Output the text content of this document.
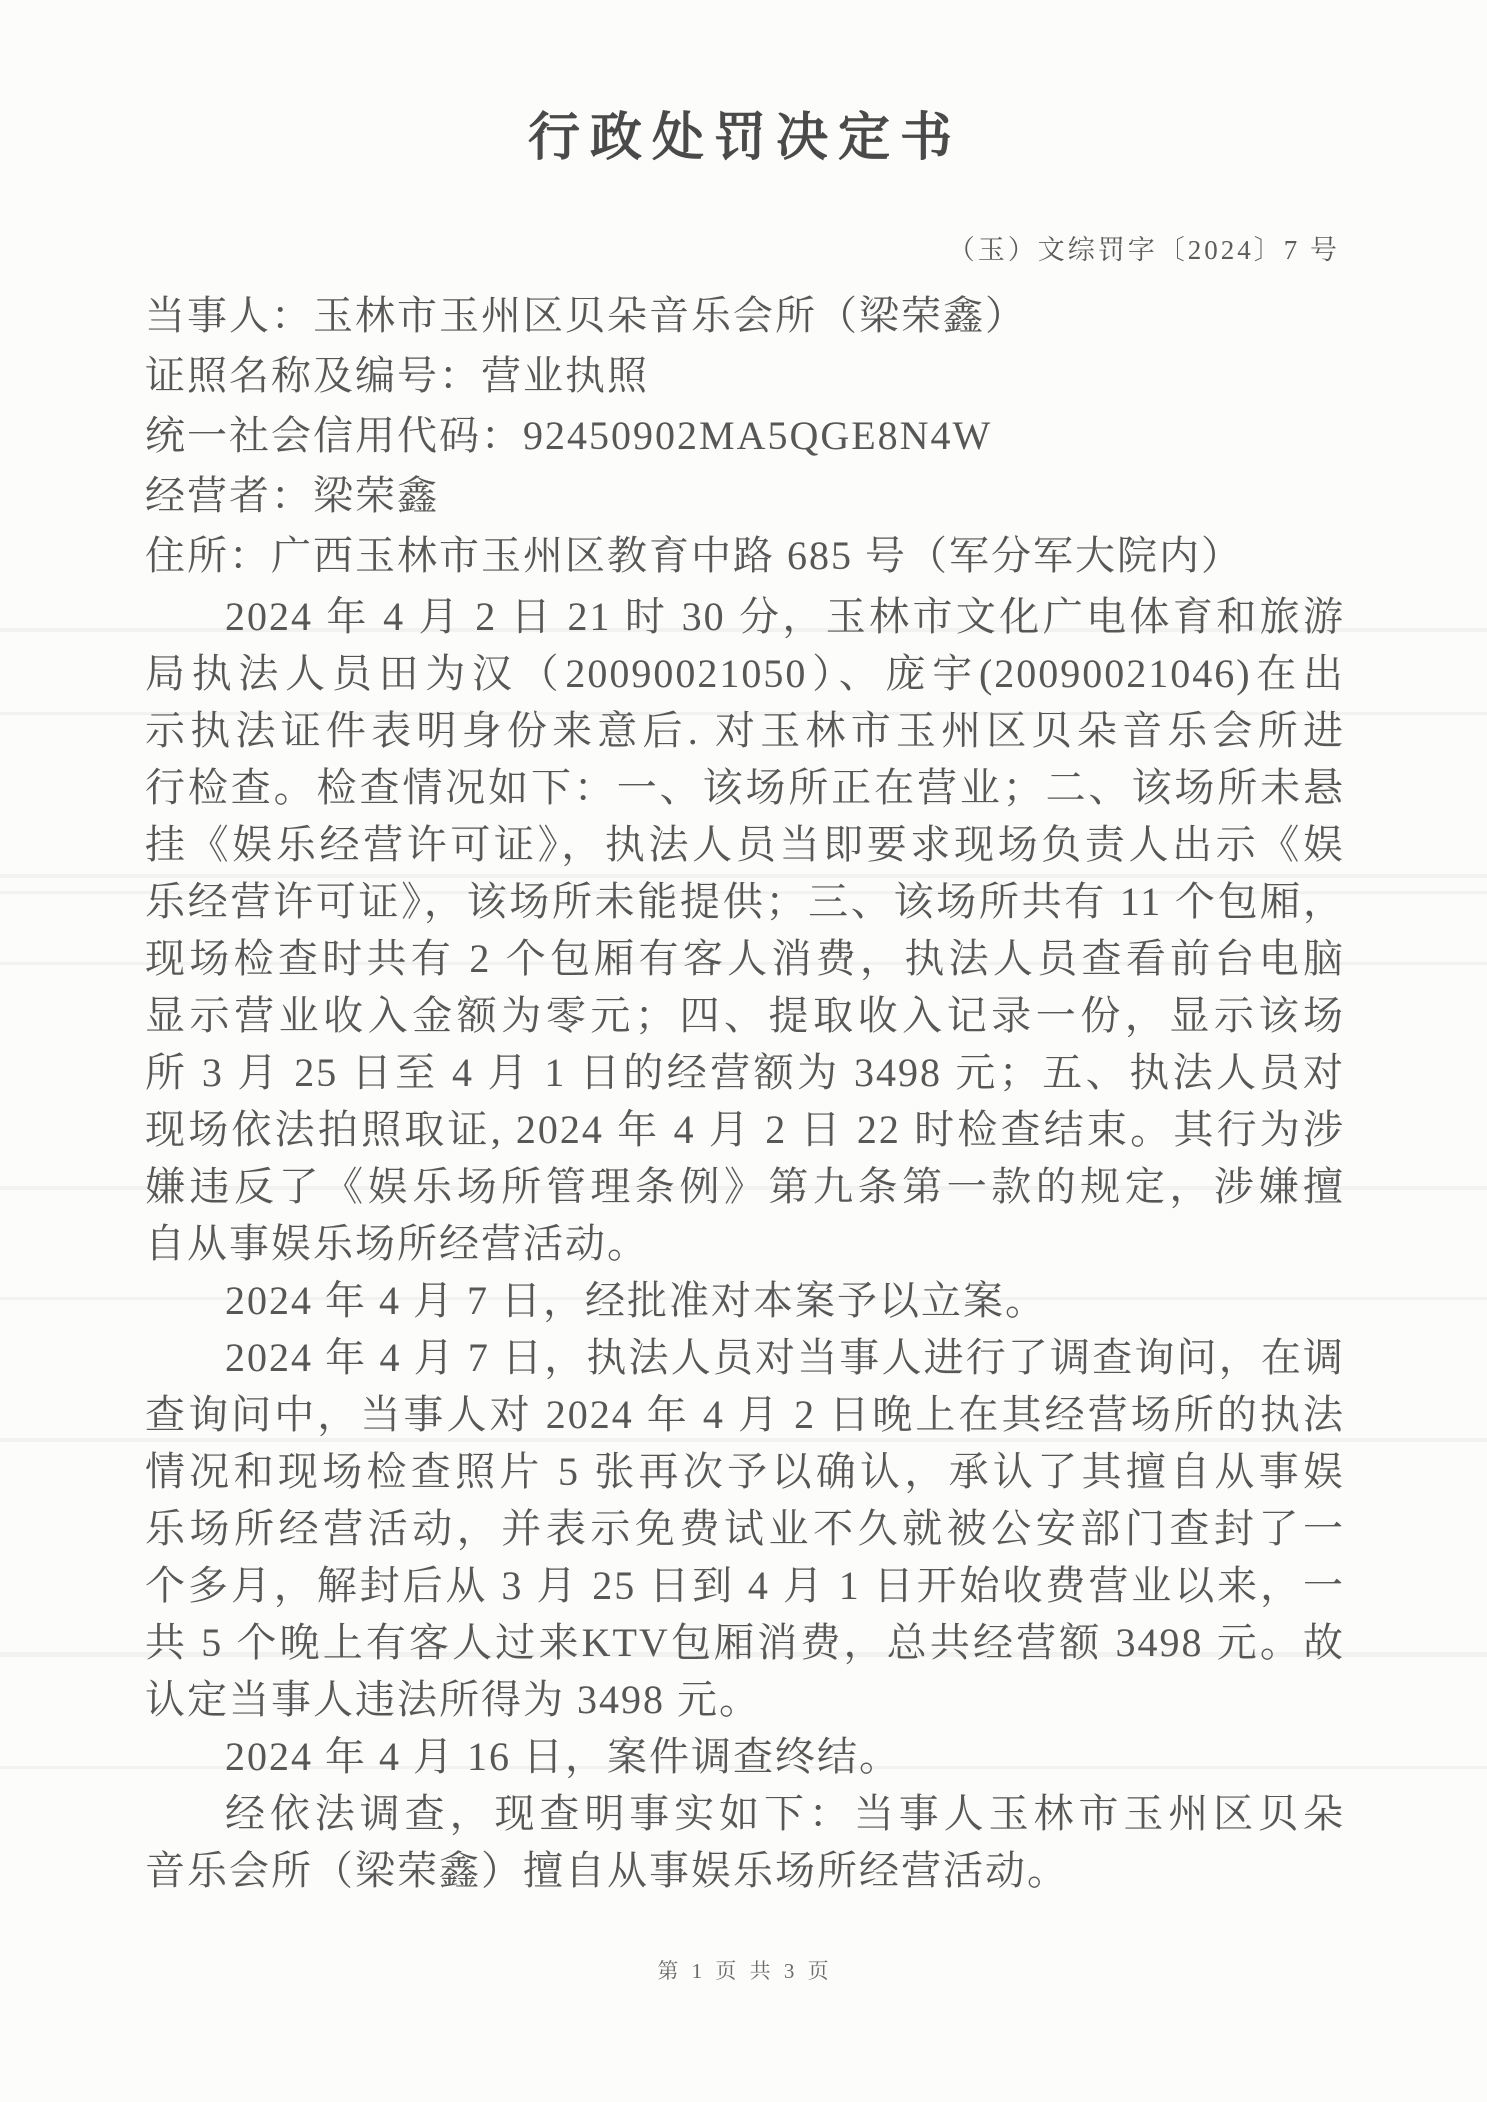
行政处罚决定书
（玉）文综罚字〔2024〕7 号
当事人：玉林市玉州区贝朵音乐会所（梁荣鑫）
证照名称及编号：营业执照
统一社会信用代码：92450902MA5QGE8N4W
经营者：梁荣鑫
住所：广西玉林市玉州区教育中路 685 号（军分军大院内）
2024 年 4 月 2 日 21 时 30 分，玉林市文化广电体育和旅游
局执法人员田为汉（20090021050）、庞宇(20090021046)在出
示执法证件表明身份来意后. 对玉林市玉州区贝朵音乐会所进
行检查。检查情况如下：一、该场所正在营业；二、该场所未悬
挂《娱乐经营许可证》，执法人员当即要求现场负责人出示《娱
乐经营许可证》，该场所未能提供；三、该场所共有 11 个包厢，
现场检查时共有 2 个包厢有客人消费，执法人员查看前台电脑
显示营业收入金额为零元；四、提取收入记录一份，显示该场
所 3 月 25 日至 4 月 1 日的经营额为 3498 元；五、执法人员对
现场依法拍照取证, 2024 年 4 月 2 日 22 时检查结束。其行为涉
嫌违反了《娱乐场所管理条例》第九条第一款的规定，涉嫌擅
自从事娱乐场所经营活动。
2024 年 4 月 7 日，经批准对本案予以立案。
2024 年 4 月 7 日，执法人员对当事人进行了调查询问，在调
查询问中，当事人对 2024 年 4 月 2 日晚上在其经营场所的执法
情况和现场检查照片 5 张再次予以确认，承认了其擅自从事娱
乐场所经营活动，并表示免费试业不久就被公安部门查封了一
个多月，解封后从 3 月 25 日到 4 月 1 日开始收费营业以来，一
共 5 个晚上有客人过来KTV包厢消费，总共经营额 3498 元。故
认定当事人违法所得为 3498 元。
2024 年 4 月 16 日，案件调查终结。
经依法调查，现查明事实如下：当事人玉林市玉州区贝朵
音乐会所（梁荣鑫）擅自从事娱乐场所经营活动。
第 1 页 共 3 页
